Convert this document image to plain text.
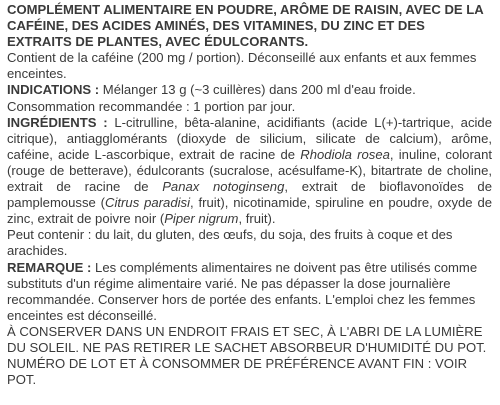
COMPLÉMENT ALIMENTAIRE EN POUDRE, ARÔME DE RAISIN, AVEC DE LA CAFÉINE, DES ACIDES AMINÉS, DES VITAMINES, DU ZINC ET DES EXTRAITS DE PLANTES, AVEC ÉDULCORANTS.

Contient de la caféine (200 mg / portion). Déconseillé aux enfants et aux femmes enceintes.

INDICATIONS : Mélanger 13 g (~3 cuillères) dans 200 ml d'eau froide.

Consommation recommandée : 1 portion par jour.

INGRÉDIENTS : L-citrulline, bêta-alanine, acidifiants (acide L(+)-tartrique, acide citrique), antiagglomérants (dioxyde de silicium, silicate de calcium), arôme, caféine, acide L-ascorbique, extrait de racine de Rhodiola rosea, inuline, colorant (rouge de betterave), édulcorants (sucralose, acésulfame-K), bitartrate de choline, extrait de racine de Panax notoginseng, extrait de bioflavonoïdes de pamplemousse (Citrus paradisi, fruit), nicotinamide, spiruline en poudre, oxyde de zinc, extrait de poivre noir (Piper nigrum, fruit).

Peut contenir : du lait, du gluten, des œufs, du soja, des fruits à coque et des arachides.

REMARQUE : Les compléments alimentaires ne doivent pas être utilisés comme substituts d'un régime alimentaire varié. Ne pas dépasser la dose journalière recommandée. Conserver hors de portée des enfants. L'emploi chez les femmes enceintes est déconseillé.

À CONSERVER DANS UN ENDROIT FRAIS ET SEC, À L'ABRI DE LA LUMIÈRE DU SOLEIL. NE PAS RETIRER LE SACHET ABSORBEUR D'HUMIDITÉ DU POT. NUMÉRO DE LOT ET À CONSOMMER DE PRÉFÉRENCE AVANT FIN : VOIR POT.
